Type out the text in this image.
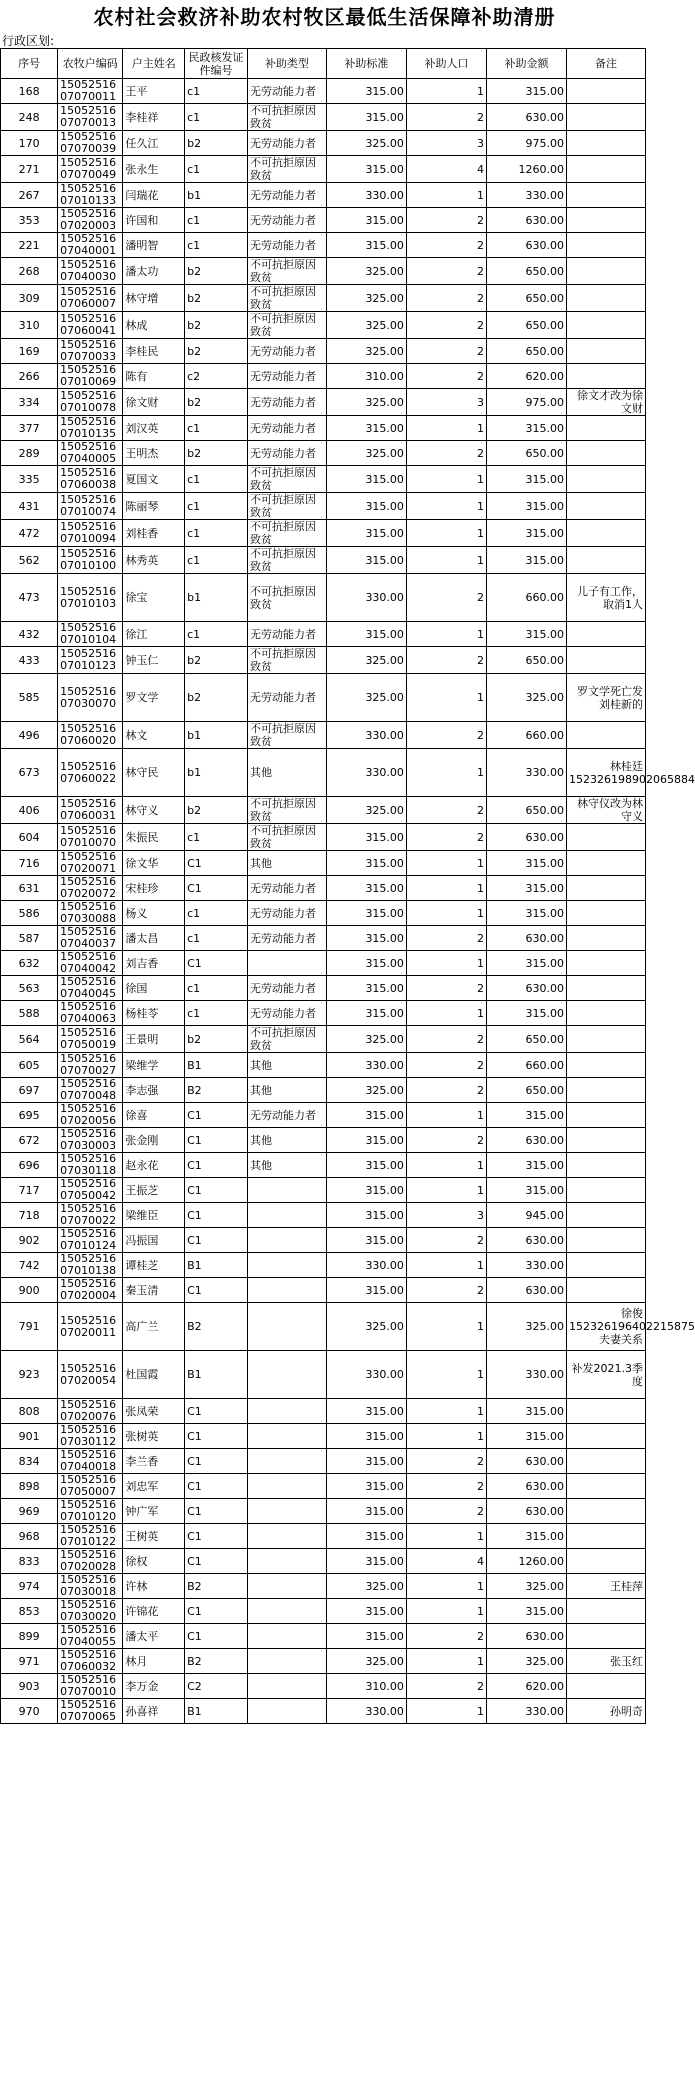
农村社会救济补助农村牧区最低生活保障补助清册
行政区划:
序号	农牧户编码	户主姓名	民政核发证件编号	补助类型	补助标准	补助人口	补助金额	备注
168	1505251607070011	王平	c1	无劳动能力者	315.00	1	315.00	
248	1505251607070013	李桂祥	c1	不可抗拒原因致贫	315.00	2	630.00	
170	1505251607070039	任久江	b2	无劳动能力者	325.00	3	975.00	
271	1505251607070049	张永生	c1	不可抗拒原因致贫	315.00	4	1260.00	
267	1505251607010133	闫瑞花	b1	无劳动能力者	330.00	1	330.00	
353	1505251607020003	许国和	c1	无劳动能力者	315.00	2	630.00	
221	1505251607040001	潘明智	c1	无劳动能力者	315.00	2	630.00	
268	1505251607040030	潘太功	b2	不可抗拒原因致贫	325.00	2	650.00	
309	1505251607060007	林守增	b2	不可抗拒原因致贫	325.00	2	650.00	
310	1505251607060041	林成	b2	不可抗拒原因致贫	325.00	2	650.00	
169	1505251607070033	李桂民	b2	无劳动能力者	325.00	2	650.00	
266	1505251607010069	陈有	c2	无劳动能力者	310.00	2	620.00	
334	1505251607010078	徐文财	b2	无劳动能力者	325.00	3	975.00	徐文才改为徐文财
377	1505251607010135	刘汉英	c1	无劳动能力者	315.00	1	315.00	
289	1505251607040005	王明杰	b2	无劳动能力者	325.00	2	650.00	
335	1505251607060038	夏国文	c1	不可抗拒原因致贫	315.00	1	315.00	
431	1505251607010074	陈丽琴	c1	不可抗拒原因致贫	315.00	1	315.00	
472	1505251607010094	刘桂香	c1	不可抗拒原因致贫	315.00	1	315.00	
562	1505251607010100	林秀英	c1	不可抗拒原因致贫	315.00	1	315.00	
473	1505251607010103	徐宝	b1	不可抗拒原因致贫	330.00	2	660.00	儿子有工作，取消1人
432	1505251607010104	徐江	c1	无劳动能力者	315.00	1	315.00	
433	1505251607010123	钟玉仁	b2	不可抗拒原因致贫	325.00	2	650.00	
585	1505251607030070	罗文学	b2	无劳动能力者	325.00	1	325.00	罗文学死亡发刘桂新的
496	1505251607060020	林文	b1	不可抗拒原因致贫	330.00	2	660.00	
673	1505251607060022	林守民	b1	其他	330.00	1	330.00	林桂廷152326198902065884
406	1505251607060031	林守义	b2	不可抗拒原因致贫	325.00	2	650.00	林守仪改为林守义
604	1505251607010070	朱振民	c1	不可抗拒原因致贫	315.00	2	630.00	
716	1505251607020071	徐文华	C1	其他	315.00	1	315.00	
631	1505251607020072	宋桂珍	C1	无劳动能力者	315.00	1	315.00	
586	1505251607030088	杨义	c1	无劳动能力者	315.00	1	315.00	
587	1505251607040037	潘太昌	c1	无劳动能力者	315.00	2	630.00	
632	1505251607040042	刘吉香	C1		315.00	1	315.00	
563	1505251607040045	徐国	c1	无劳动能力者	315.00	2	630.00	
588	1505251607040063	杨桂苓	c1	无劳动能力者	315.00	1	315.00	
564	1505251607050019	王景明	b2	不可抗拒原因致贫	325.00	2	650.00	
605	1505251607070027	梁维学	B1	其他	330.00	2	660.00	
697	1505251607070048	李志强	B2	其他	325.00	2	650.00	
695	1505251607020056	徐喜	C1	无劳动能力者	315.00	1	315.00	
672	1505251607030003	张金刚	C1	其他	315.00	2	630.00	
696	1505251607030118	赵永花	C1	其他	315.00	1	315.00	
717	1505251607050042	王振芝	C1		315.00	1	315.00	
718	1505251607070022	梁维臣	C1		315.00	3	945.00	
902	1505251607010124	冯振国	C1		315.00	2	630.00	
742	1505251607010138	谭桂芝	B1		330.00	1	330.00	
900	1505251607020004	秦玉清	C1		315.00	2	630.00	
791	1505251607020011	高广兰	B2		325.00	1	325.00	徐俊152326196402215875夫妻关系
923	1505251607020054	杜国霞	B1		330.00	1	330.00	补发2021.3季度
808	1505251607020076	张凤荣	C1		315.00	1	315.00	
901	1505251607030112	张树英	C1		315.00	1	315.00	
834	1505251607040018	李兰香	C1		315.00	2	630.00	
898	1505251607050007	刘忠军	C1		315.00	2	630.00	
969	1505251607010120	钟广军	C1		315.00	2	630.00	
968	1505251607010122	王树英	C1		315.00	1	315.00	
833	1505251607020028	徐权	C1		315.00	4	1260.00	
974	1505251607030018	许林	B2		325.00	1	325.00	王桂萍
853	1505251607030020	许锦花	C1		315.00	1	315.00	
899	1505251607040055	潘太平	C1		315.00	2	630.00	
971	1505251607060032	林月	B2		325.00	1	325.00	张玉红
903	1505251607070010	李万金	C2		310.00	2	620.00	
970	1505251607070065	孙喜祥	B1		330.00	1	330.00	孙明奇
